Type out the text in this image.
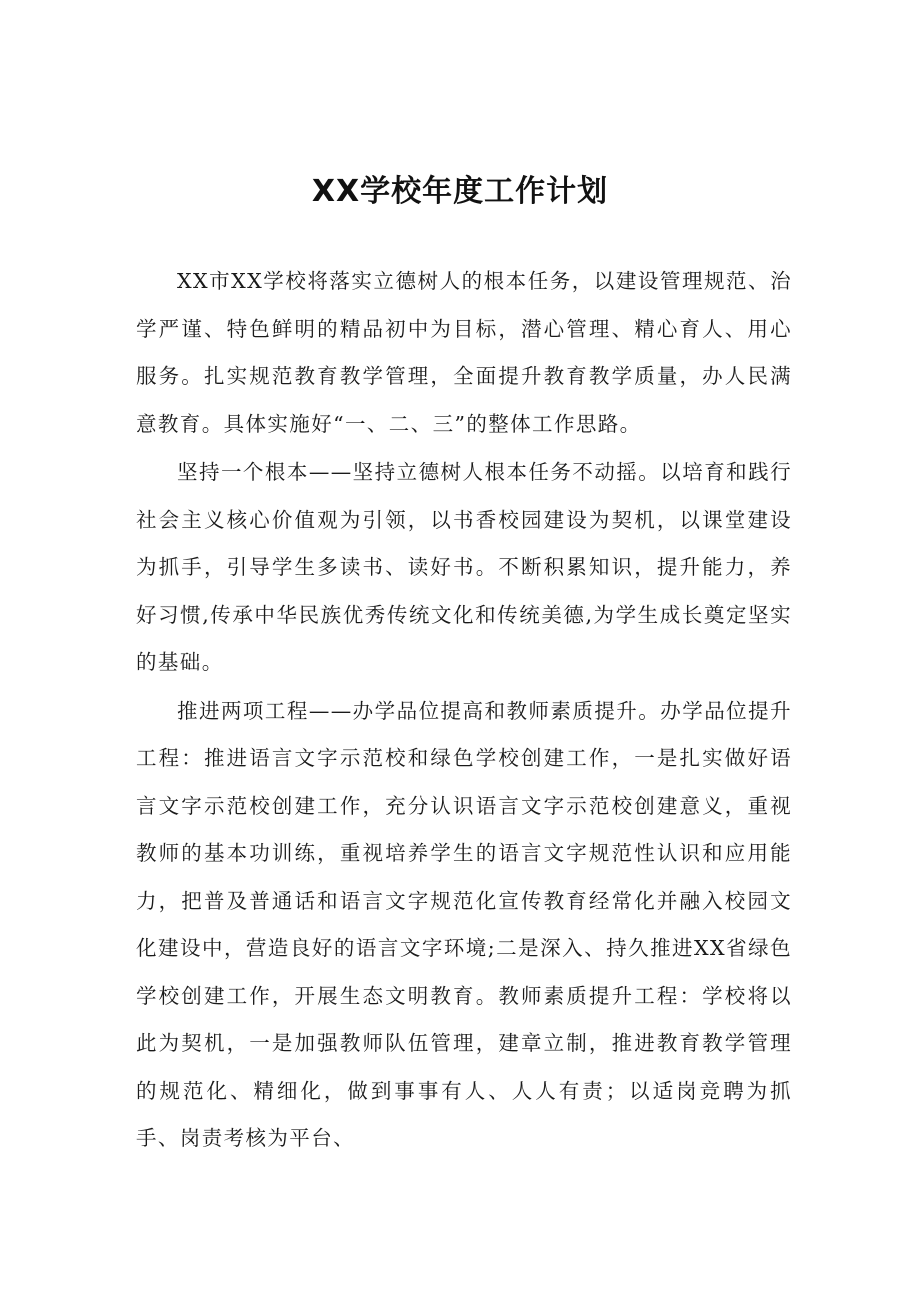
XX学校年度工作计划

XX市XX学校将落实立德树人的根本任务，以建设管理规范、治学严谨、特色鲜明的精品初中为目标，潜心管理、精心育人、用心服务。扎实规范教育教学管理，全面提升教育教学质量，办人民满意教育。具体实施好“一、二、三”的整体工作思路。

坚持一个根本——坚持立德树人根本任务不动摇。以培育和践行社会主义核心价值观为引领，以书香校园建设为契机，以课堂建设为抓手，引导学生多读书、读好书。不断积累知识，提升能力，养好习惯,传承中华民族优秀传统文化和传统美德,为学生成长奠定坚实的基础。

推进两项工程——办学品位提高和教师素质提升。办学品位提升工程：推进语言文字示范校和绿色学校创建工作，一是扎实做好语言文字示范校创建工作，充分认识语言文字示范校创建意义，重视教师的基本功训练，重视培养学生的语言文字规范性认识和应用能力，把普及普通话和语言文字规范化宣传教育经常化并融入校园文化建设中，营造良好的语言文字环境;二是深入、持久推进XX省绿色学校创建工作，开展生态文明教育。教师素质提升工程：学校将以此为契机，一是加强教师队伍管理，建章立制，推进教育教学管理的规范化、精细化，做到事事有人、人人有责；以适岗竞聘为抓手、岗责考核为平台、
